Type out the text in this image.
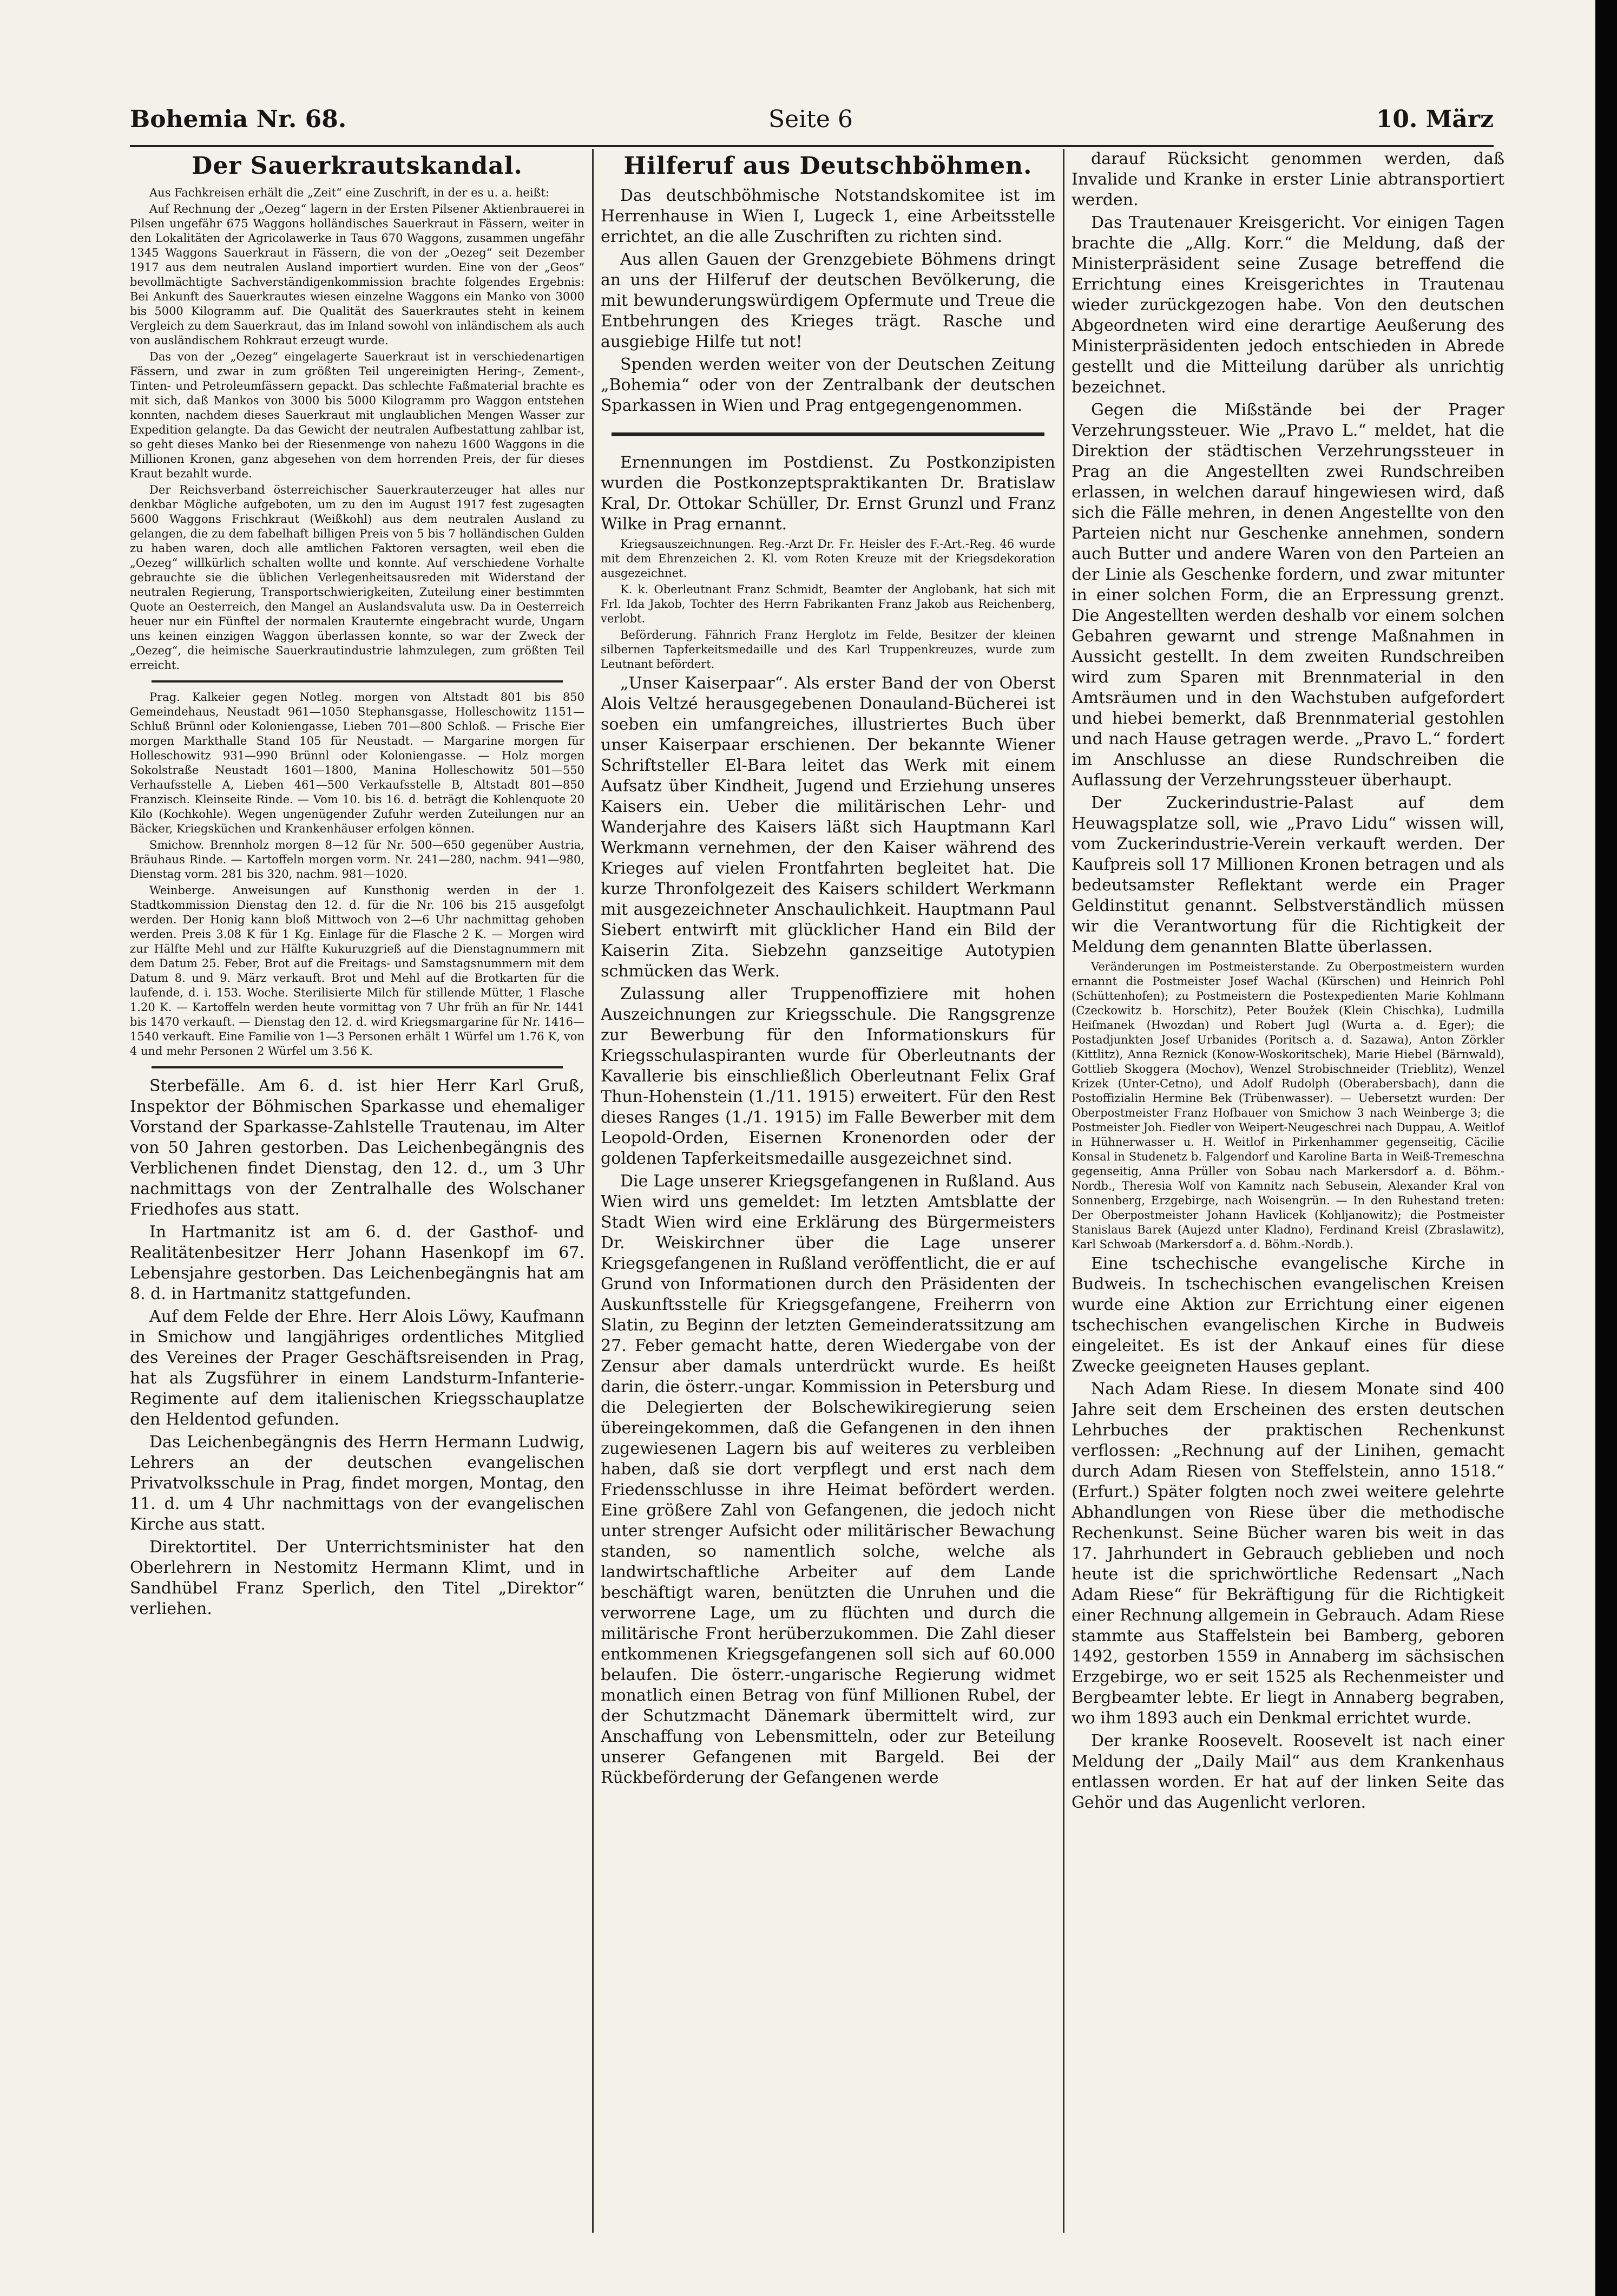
Bohemia Nr. 68.	Seite 6	10. März
Der Sauerkrautskandal.

Aus Fachkreisen erhält die „Zeit“ eine Zuschrift, in der es u. a. heißt:

Auf Rechnung der „Oezeg“ lagern in der Ersten Pilsener Aktienbrauerei in Pilsen ungefähr 675 Waggons holländisches Sauerkraut in Fässern, weiter in den Lokalitäten der Agricolawerke in Taus 670 Waggons, zusammen ungefähr 1345 Waggons Sauerkraut in Fässern, die von der „Oezeg“ seit Dezember 1917 aus dem neutralen Ausland importiert wurden. Eine von der „Geos“ bevollmächtigte Sachverständigenkommission brachte folgendes Ergebnis: Bei Ankunft des Sauerkrautes wiesen einzelne Waggons ein Manko von 3000 bis 5000 Kilogramm auf. Die Qualität des Sauerkrautes steht in keinem Vergleich zu dem Sauerkraut, das im Inland sowohl von inländischem als auch von ausländischem Rohkraut erzeugt wurde.

Das von der „Oezeg“ eingelagerte Sauerkraut ist in verschiedenartigen Fässern, und zwar in zum größten Teil ungereinigten Hering-, Zement-, Tinten- und Petroleumfässern gepackt. Das schlechte Faßmaterial brachte es mit sich, daß Mankos von 3000 bis 5000 Kilogramm pro Waggon entstehen konnten, nachdem dieses Sauerkraut mit unglaublichen Mengen Wasser zur Expedition gelangte. Da das Gewicht der neutralen Aufbestattung zahlbar ist, so geht dieses Manko bei der Riesenmenge von nahezu 1600 Waggons in die Millionen Kronen, ganz abgesehen von dem horrenden Preis, der für dieses Kraut bezahlt wurde.

Der Reichsverband österreichischer Sauerkrauterzeuger hat alles nur denkbar Mögliche aufgeboten, um zu den im August 1917 fest zugesagten 5600 Waggons Frischkraut (Weißkohl) aus dem neutralen Ausland zu gelangen, die zu dem fabelhaft billigen Preis von 5 bis 7 holländischen Gulden zu haben waren, doch alle amtlichen Faktoren versagten, weil eben die „Oezeg“ willkürlich schalten wollte und konnte. Auf verschiedene Vorhalte gebrauchte sie die üblichen Verlegenheitsausreden mit Widerstand der neutralen Regierung, Transportschwierigkeiten, Zuteilung einer bestimmten Quote an Oesterreich, den Mangel an Auslandsvaluta usw. Da in Oesterreich heuer nur ein Fünftel der normalen Krauternte eingebracht wurde, Ungarn uns keinen einzigen Waggon überlassen konnte, so war der Zweck der „Oezeg“, die heimische Sauerkrautindustrie lahmzulegen, zum größten Teil erreicht.

Prag. Kalkeier gegen Notleg. morgen von Altstadt 801 bis 850 Gemeindehaus, Neustadt 961—1050 Stephansgasse, Holleschowitz 1151—Schluß Brünnl oder Koloniengasse, Lieben 701—800 Schloß. — Frische Eier morgen Markthalle Stand 105 für Neustadt. — Margarine morgen für Holleschowitz 931—990 Brünnl oder Koloniengasse. — Holz morgen Sokolstraße Neustadt 1601—1800, Manina Holleschowitz 501—550 Verhaufsstelle A, Lieben 461—500 Verkaufsstelle B, Altstadt 801—850 Franzisch. Kleinseite Rinde. — Vom 10. bis 16. d. beträgt die Kohlenquote 20 Kilo (Kochkohle). Wegen ungenügender Zufuhr werden Zuteilungen nur an Bäcker, Kriegsküchen und Krankenhäuser erfolgen können.

Smichow. Brennholz morgen 8—12 für Nr. 500—650 gegenüber Austria, Bräuhaus Rinde. — Kartoffeln morgen vorm. Nr. 241—280, nachm. 941—980, Dienstag vorm. 281 bis 320, nachm. 981—1020.

Weinberge. Anweisungen auf Kunsthonig werden in der 1. Stadtkommission Dienstag den 12. d. für die Nr. 106 bis 215 ausgefolgt werden. Der Honig kann bloß Mittwoch von 2—6 Uhr nachmittag gehoben werden. Preis 3.08 K für 1 Kg. Einlage für die Flasche 2 K. — Morgen wird zur Hälfte Mehl und zur Hälfte Kukuruzgrieß auf die Dienstagnummern mit dem Datum 25. Feber, Brot auf die Freitags- und Samstagsnummern mit dem Datum 8. und 9. März verkauft. Brot und Mehl auf die Brotkarten für die laufende, d. i. 153. Woche. Sterilisierte Milch für stillende Mütter, 1 Flasche 1.20 K. — Kartoffeln werden heute vormittag von 7 Uhr früh an für Nr. 1441 bis 1470 verkauft. — Dienstag den 12. d. wird Kriegsmargarine für Nr. 1416—1540 verkauft. Eine Familie von 1—3 Personen erhält 1 Würfel um 1.76 K, von 4 und mehr Personen 2 Würfel um 3.56 K.

Sterbefälle. Am 6. d. ist hier Herr Karl Gruß, Inspektor der Böhmischen Sparkasse und ehemaliger Vorstand der Sparkasse-Zahlstelle Trautenau, im Alter von 50 Jahren gestorben. Das Leichenbegängnis des Verblichenen findet Dienstag, den 12. d., um 3 Uhr nachmittags von der Zentralhalle des Wolschaner Friedhofes aus statt.

In Hartmanitz ist am 6. d. der Gasthof- und Realitätenbesitzer Herr Johann Hasenkopf im 67. Lebensjahre gestorben. Das Leichenbegängnis hat am 8. d. in Hartmanitz stattgefunden.

Auf dem Felde der Ehre. Herr Alois Löwy, Kaufmann in Smichow und langjähriges ordentliches Mitglied des Vereines der Prager Geschäftsreisenden in Prag, hat als Zugsführer in einem Landsturm-Infanterie-Regimente auf dem italienischen Kriegsschauplatze den Heldentod gefunden.

Das Leichenbegängnis des Herrn Hermann Ludwig, Lehrers an der deutschen evangelischen Privatvolksschule in Prag, findet morgen, Montag, den 11. d. um 4 Uhr nachmittags von der evangelischen Kirche aus statt.

Direktortitel. Der Unterrichtsminister hat den Oberlehrern in Nestomitz Hermann Klimt, und in Sandhübel Franz Sperlich, den Titel „Direktor“ verliehen.

Hilferuf aus Deutschböhmen.

Das deutschböhmische Notstandskomitee ist im Herrenhause in Wien I, Lugeck 1, eine Arbeitsstelle errichtet, an die alle Zuschriften zu richten sind.

Aus allen Gauen der Grenzgebiete Böhmens dringt an uns der Hilferuf der deutschen Bevölkerung, die mit bewunderungswürdigem Opfermute und Treue die Entbehrungen des Krieges trägt. Rasche und ausgiebige Hilfe tut not!

Spenden werden weiter von der Deutschen Zeitung „Bohemia“ oder von der Zentralbank der deutschen Sparkassen in Wien und Prag entgegengenommen.

Ernennungen im Postdienst. Zu Postkonzipisten wurden die Postkonzeptspraktikanten Dr. Bratislaw Kral, Dr. Ottokar Schüller, Dr. Ernst Grunzl und Franz Wilke in Prag ernannt.

Kriegsauszeichnungen. Reg.-Arzt Dr. Fr. Heisler des F.-Art.-Reg. 46 wurde mit dem Ehrenzeichen 2. Kl. vom Roten Kreuze mit der Kriegsdekoration ausgezeichnet.

K. k. Oberleutnant Franz Schmidt, Beamter der Anglobank, hat sich mit Frl. Ida Jakob, Tochter des Herrn Fabrikanten Franz Jakob aus Reichenberg, verlobt.

Beförderung. Fähnrich Franz Herglotz im Felde, Besitzer der kleinen silbernen Tapferkeitsmedaille und des Karl Truppenkreuzes, wurde zum Leutnant befördert.

„Unser Kaiserpaar“. Als erster Band der von Oberst Alois Veltzé herausgegebenen Donauland-Bücherei ist soeben ein umfangreiches, illustriertes Buch über unser Kaiserpaar erschienen. Der bekannte Wiener Schriftsteller El-Bara leitet das Werk mit einem Aufsatz über Kindheit, Jugend und Erziehung unseres Kaisers ein. Ueber die militärischen Lehr- und Wanderjahre des Kaisers läßt sich Hauptmann Karl Werkmann vernehmen, der den Kaiser während des Krieges auf vielen Frontfahrten begleitet hat. Die kurze Thronfolgezeit des Kaisers schildert Werkmann mit ausgezeichneter Anschaulichkeit. Hauptmann Paul Siebert entwirft mit glücklicher Hand ein Bild der Kaiserin Zita. Siebzehn ganzseitige Autotypien schmücken das Werk.

Zulassung aller Truppenoffiziere mit hohen Auszeichnungen zur Kriegsschule. Die Rangsgrenze zur Bewerbung für den Informationskurs für Kriegsschulaspiranten wurde für Oberleutnants der Kavallerie bis einschließlich Oberleutnant Felix Graf Thun-Hohenstein (1./11. 1915) erweitert. Für den Rest dieses Ranges (1./1. 1915) im Falle Bewerber mit dem Leopold-Orden, Eisernen Kronenorden oder der goldenen Tapferkeitsmedaille ausgezeichnet sind.

Die Lage unserer Kriegsgefangenen in Rußland. Aus Wien wird uns gemeldet: Im letzten Amtsblatte der Stadt Wien wird eine Erklärung des Bürgermeisters Dr. Weiskirchner über die Lage unserer Kriegsgefangenen in Rußland veröffentlicht, die er auf Grund von Informationen durch den Präsidenten der Auskunftsstelle für Kriegsgefangene, Freiherrn von Slatin, zu Beginn der letzten Gemeinderatssitzung am 27. Feber gemacht hatte, deren Wiedergabe von der Zensur aber damals unterdrückt wurde. Es heißt darin, die österr.-ungar. Kommission in Petersburg und die Delegierten der Bolschewikiregierung seien übereingekommen, daß die Gefangenen in den ihnen zugewiesenen Lagern bis auf weiteres zu verbleiben haben, daß sie dort verpflegt und erst nach dem Friedensschlusse in ihre Heimat befördert werden. Eine größere Zahl von Gefangenen, die jedoch nicht unter strenger Aufsicht oder militärischer Bewachung standen, so namentlich solche, welche als landwirtschaftliche Arbeiter auf dem Lande beschäftigt waren, benützten die Unruhen und die verworrene Lage, um zu flüchten und durch die militärische Front herüberzukommen. Die Zahl dieser entkommenen Kriegsgefangenen soll sich auf 60.000 belaufen. Die österr.-ungarische Regierung widmet monatlich einen Betrag von fünf Millionen Rubel, der der Schutzmacht Dänemark übermittelt wird, zur Anschaffung von Lebensmitteln, oder zur Beteilung unserer Gefangenen mit Bargeld. Bei der Rückbeförderung der Gefangenen werde

darauf Rücksicht genommen werden, daß Invalide und Kranke in erster Linie abtransportiert werden.

Das Trautenauer Kreisgericht. Vor einigen Tagen brachte die „Allg. Korr.“ die Meldung, daß der Ministerpräsident seine Zusage betreffend die Errichtung eines Kreisgerichtes in Trautenau wieder zurückgezogen habe. Von den deutschen Abgeordneten wird eine derartige Aeußerung des Ministerpräsidenten jedoch entschieden in Abrede gestellt und die Mitteilung darüber als unrichtig bezeichnet.

Gegen die Mißstände bei der Prager Verzehrungssteuer. Wie „Pravo L.“ meldet, hat die Direktion der städtischen Verzehrungssteuer in Prag an die Angestellten zwei Rundschreiben erlassen, in welchen darauf hingewiesen wird, daß sich die Fälle mehren, in denen Angestellte von den Parteien nicht nur Geschenke annehmen, sondern auch Butter und andere Waren von den Parteien an der Linie als Geschenke fordern, und zwar mitunter in einer solchen Form, die an Erpressung grenzt. Die Angestellten werden deshalb vor einem solchen Gebahren gewarnt und strenge Maßnahmen in Aussicht gestellt. In dem zweiten Rundschreiben wird zum Sparen mit Brennmaterial in den Amtsräumen und in den Wachstuben aufgefordert und hiebei bemerkt, daß Brennmaterial gestohlen und nach Hause getragen werde. „Pravo L.“ fordert im Anschlusse an diese Rundschreiben die Auflassung der Verzehrungssteuer überhaupt.

Der Zuckerindustrie-Palast auf dem Heuwagsplatze soll, wie „Pravo Lidu“ wissen will, vom Zuckerindustrie-Verein verkauft werden. Der Kaufpreis soll 17 Millionen Kronen betragen und als bedeutsamster Reflektant werde ein Prager Geldinstitut genannt. Selbstverständlich müssen wir die Verantwortung für die Richtigkeit der Meldung dem genannten Blatte überlassen.

Veränderungen im Postmeisterstande. Zu Oberpostmeistern wurden ernannt die Postmeister Josef Wachal (Kürschen) und Heinrich Pohl (Schüttenhofen); zu Postmeistern die Postexpedienten Marie Kohlmann (Czeckowitz b. Horschitz), Peter Boužek (Klein Chischka), Ludmilla Heiſmanek (Hwozdan) und Robert Jugl (Wurta a. d. Eger); die Postadjunkten Josef Urbanides (Poritsch a. d. Sazawa), Anton Zörkler (Kittlitz), Anna Reznick (Konow-Woskoritschek), Marie Hiebel (Bärnwald), Gottlieb Skoggera (Mochov), Wenzel Strobischneider (Trieblitz), Wenzel Krizek (Unter-Cetno), und Adolf Rudolph (Oberabersbach), dann die Postoffizialin Hermine Bek (Trübenwasser). — Uebersetzt wurden: Der Oberpostmeister Franz Hofbauer von Smichow 3 nach Weinberge 3; die Postmeister Joh. Fiedler von Weipert-Neugeschrei nach Duppau, A. Weitlof in Hühnerwasser u. H. Weitlof in Pirkenhammer gegenseitig, Cäcilie Konsal in Studenetz b. Falgendorf und Karoline Barta in Weiß-Tremeschna gegenseitig, Anna Prüller von Sobau nach Markersdorf a. d. Böhm.-Nordb., Theresia Wolf von Kamnitz nach Sebusein, Alexander Kral von Sonnenberg, Erzgebirge, nach Woisengrün. — In den Ruhestand treten: Der Oberpostmeister Johann Havlicek (Kohljanowitz); die Postmeister Stanislaus Barek (Aujezd unter Kladno), Ferdinand Kreisl (Zbraslawitz), Karl Schwoab (Markersdorf a. d. Böhm.-Nordb.).

Eine tschechische evangelische Kirche in Budweis. In tschechischen evangelischen Kreisen wurde eine Aktion zur Errichtung einer eigenen tschechischen evangelischen Kirche in Budweis eingeleitet. Es ist der Ankauf eines für diese Zwecke geeigneten Hauses geplant.

Nach Adam Riese. In diesem Monate sind 400 Jahre seit dem Erscheinen des ersten deutschen Lehrbuches der praktischen Rechenkunst verflossen: „Rechnung auf der Linihen, gemacht durch Adam Riesen von Steffelstein, anno 1518.“ (Erfurt.) Später folgten noch zwei weitere gelehrte Abhandlungen von Riese über die methodische Rechenkunst. Seine Bücher waren bis weit in das 17. Jahrhundert in Gebrauch geblieben und noch heute ist die sprichwörtliche Redensart „Nach Adam Riese“ für Bekräftigung für die Richtigkeit einer Rechnung allgemein in Gebrauch. Adam Riese stammte aus Staffelstein bei Bamberg, geboren 1492, gestorben 1559 in Annaberg im sächsischen Erzgebirge, wo er seit 1525 als Rechenmeister und Bergbeamter lebte. Er liegt in Annaberg begraben, wo ihm 1893 auch ein Denkmal errichtet wurde.

Der kranke Roosevelt. Roosevelt ist nach einer Meldung der „Daily Mail“ aus dem Krankenhaus entlassen worden. Er hat auf der linken Seite das Gehör und das Augenlicht verloren.
